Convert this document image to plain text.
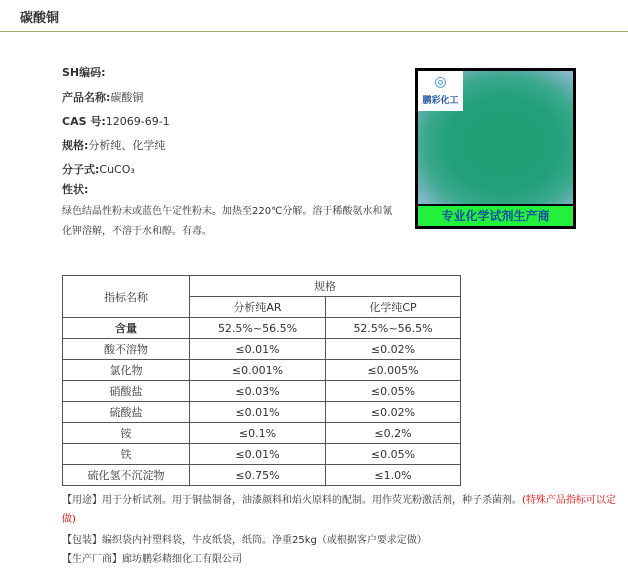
碳酸铜
SH编码:
产品名称:碳酸铜
CAS 号:12069-69-1
规格:分析纯、化学纯
分子式:CuCO₃
性状:
绿色结晶性粉末或蓝色午定性粉末。加热至220℃分解。溶于稀酸氨水和氰
化钾溶解，不溶于水和醇。有毒。
◎
鹏彩化工
专业化学试剂生产商
指标名称	规格	
	分析纯AR	化学纯CP
含量	52.5%~56.5%	52.5%~56.5%
酸不溶物	≤0.01%	≤0.02%
氯化物	≤0.001%	≤0.005%
硝酸盐	≤0.03%	≤0.05%
硫酸盐	≤0.01%	≤0.02%
铵	≤0.1%	≤0.2%
铁	≤0.01%	≤0.05%
硫化氢不沉淀物	≤0.75%	≤1.0%
【用途】用于分析试剂。用于铜盐制备，油漆颜料和焰火原料的配制。用作荧光粉激活剂，种子杀菌剂。(特殊产品指标可以定做)
【包装】编织袋内衬塑料袋，牛皮纸袋，纸筒。净重25kg（或根据客户要求定做）
【生产厂商】廊坊鹏彩精细化工有限公司
